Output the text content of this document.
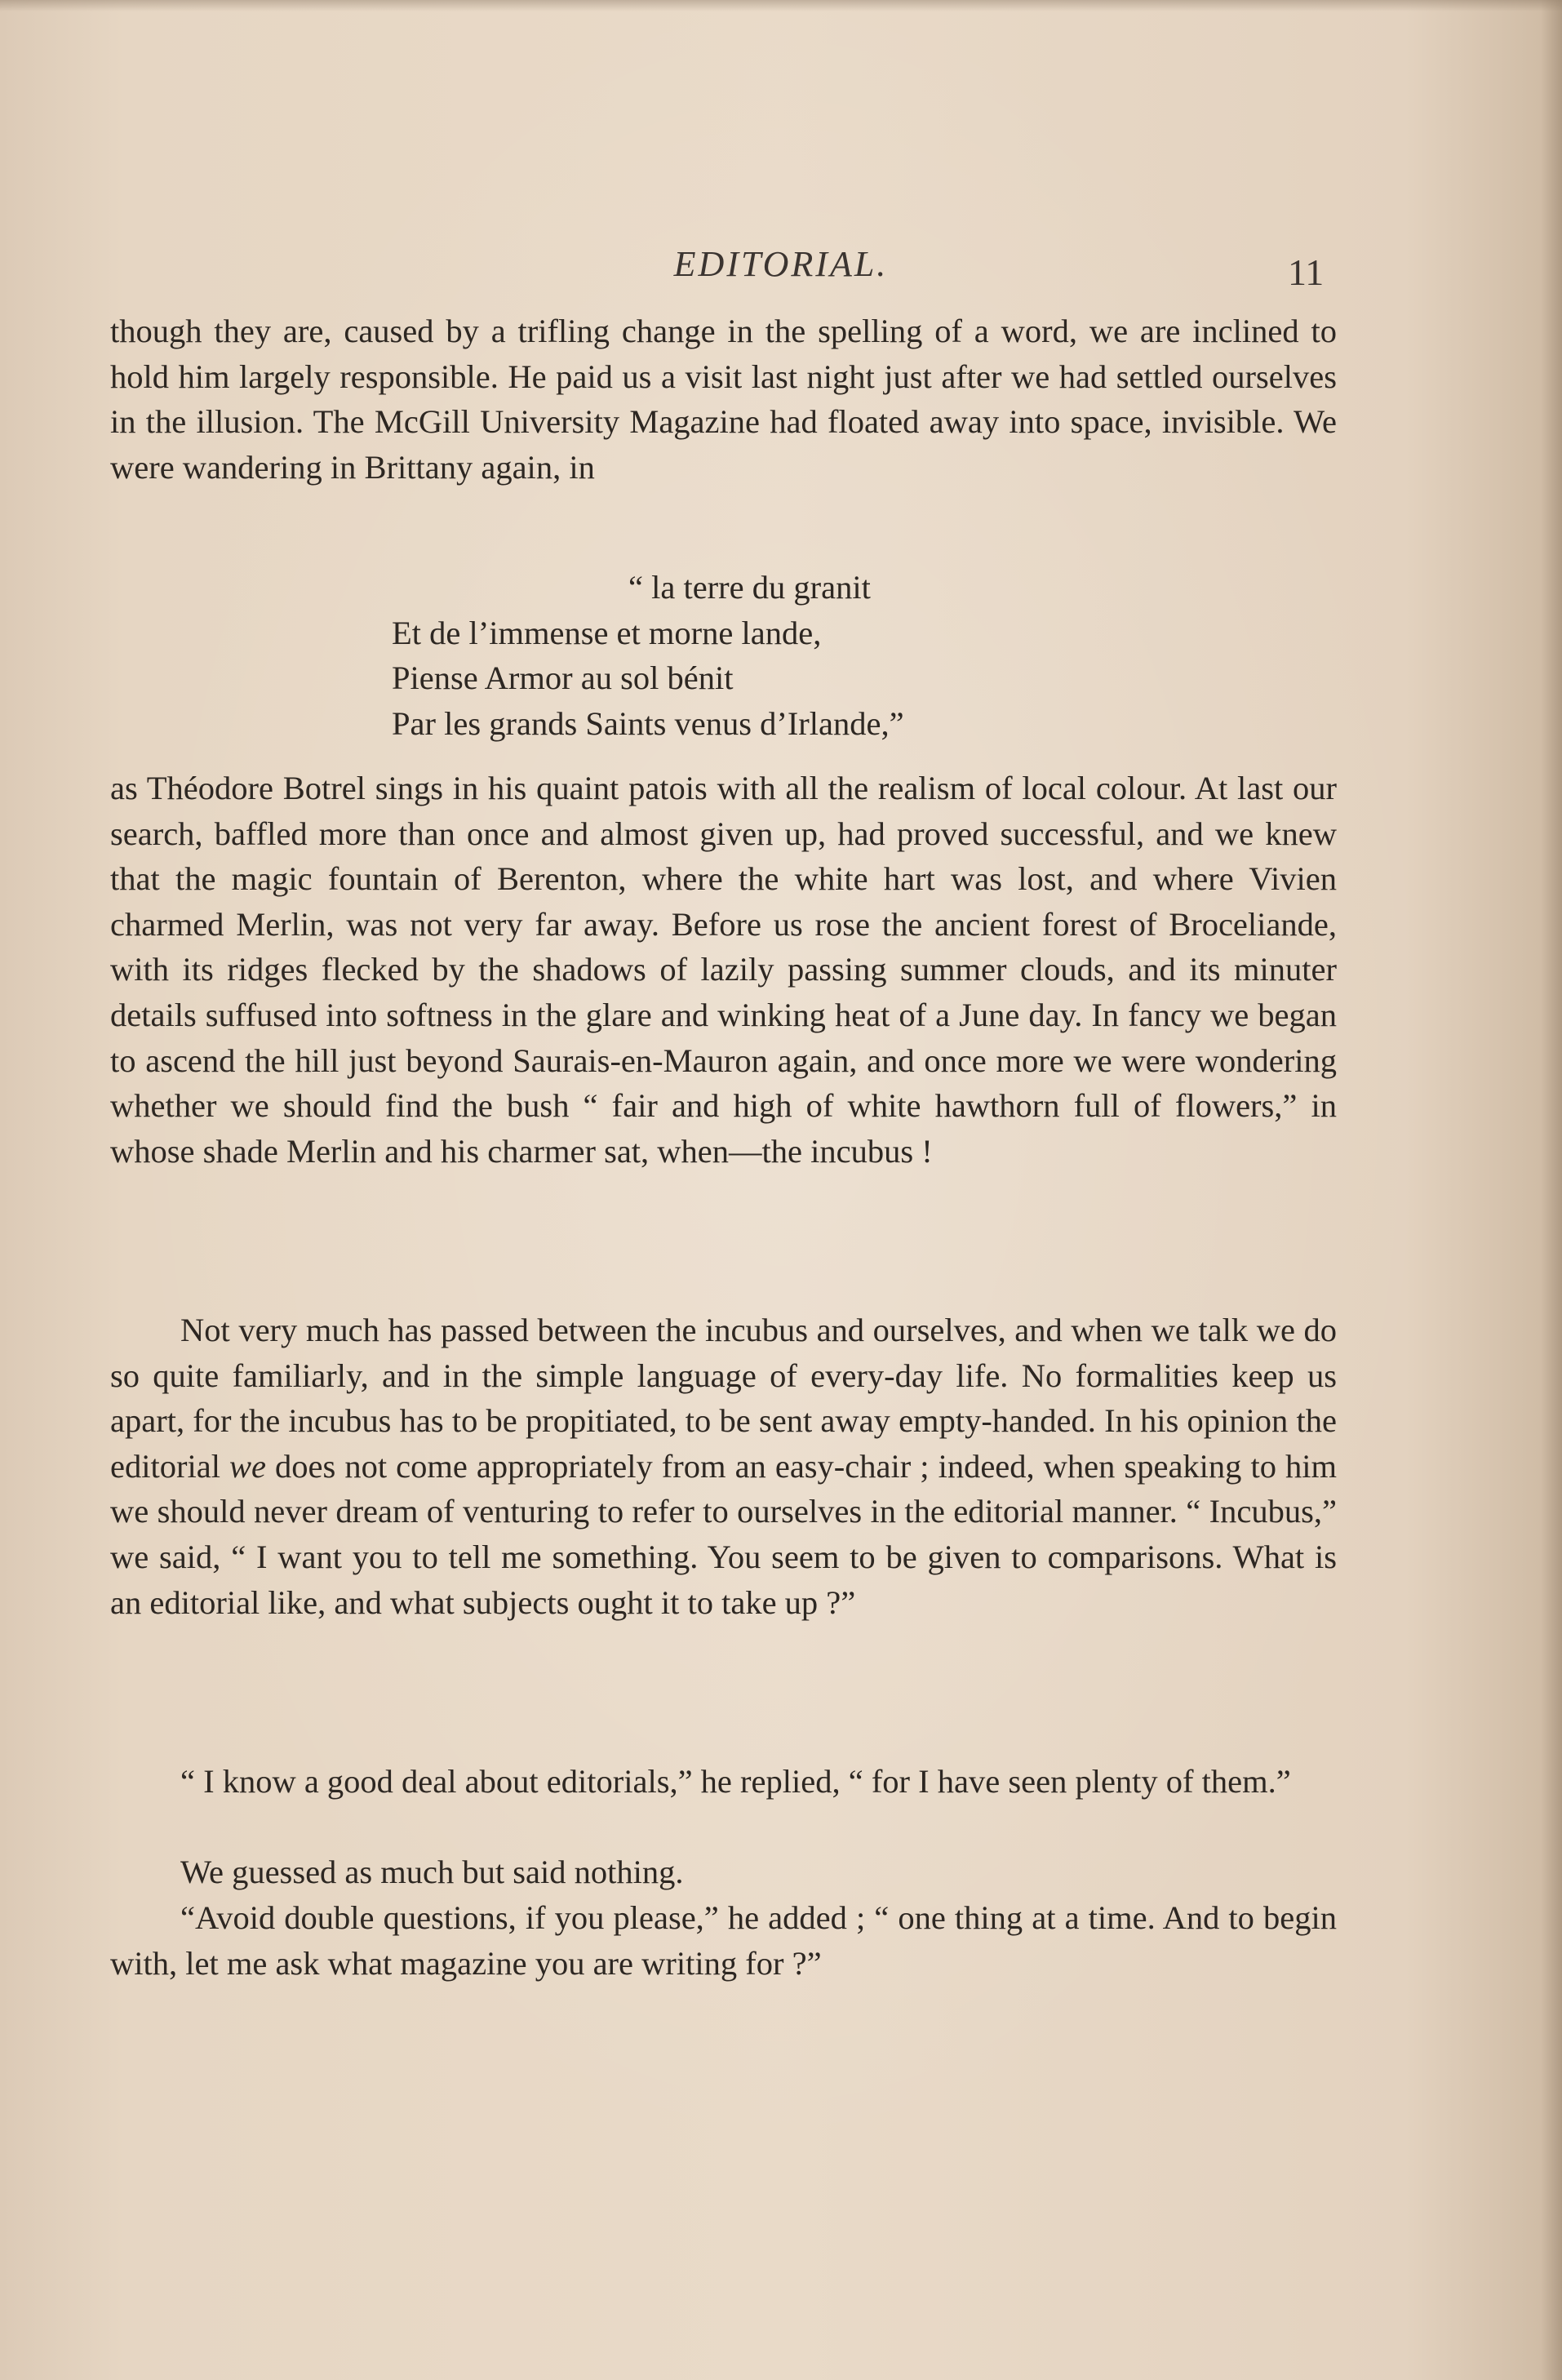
EDITORIAL.	11
though they are, caused by a trifling change in the spelling of a word, we are inclined to hold him largely responsible. He paid us a visit last night just after we had settled ourselves in the illusion. The McGill University Magazine had floated away into space, invisible. We were wandering in Brittany again, in
“ la terre du granit
Et de l’immense et morne lande,
Piense Armor au sol bénit
Par les grands Saints venus d’Irlande,”
as Théodore Botrel sings in his quaint patois with all the realism of local colour. At last our search, baffled more than once and almost given up, had proved successful, and we knew that the magic fountain of Berenton, where the white hart was lost, and where Vivien charmed Merlin, was not very far away. Before us rose the ancient forest of Broceliande, with its ridges flecked by the shadows of lazily passing summer clouds, and its minuter details suffused into softness in the glare and winking heat of a June day. In fancy we began to ascend the hill just beyond Saurais-en-Mauron again, and once more we were wondering whether we should find the bush “ fair and high of white hawthorn full of flowers,” in whose shade Merlin and his charmer sat, when—the incubus !
Not very much has passed between the incubus and ourselves, and when we talk we do so quite familiarly, and in the simple language of every-day life. No formalities keep us apart, for the incubus has to be propitiated, to be sent away empty-handed. In his opinion the editorial we does not come appropriately from an easy-chair ; indeed, when speaking to him we should never dream of venturing to refer to ourselves in the editorial manner. “ Incubus,” we said, “ I want you to tell me something. You seem to be given to comparisons. What is an editorial like, and what subjects ought it to take up ?”
“ I know a good deal about editorials,” he replied, “ for I have seen plenty of them.”
We guessed as much but said nothing.
“Avoid double questions, if you please,” he added ; “ one thing at a time. And to begin with, let me ask what magazine you are writing for ?”
